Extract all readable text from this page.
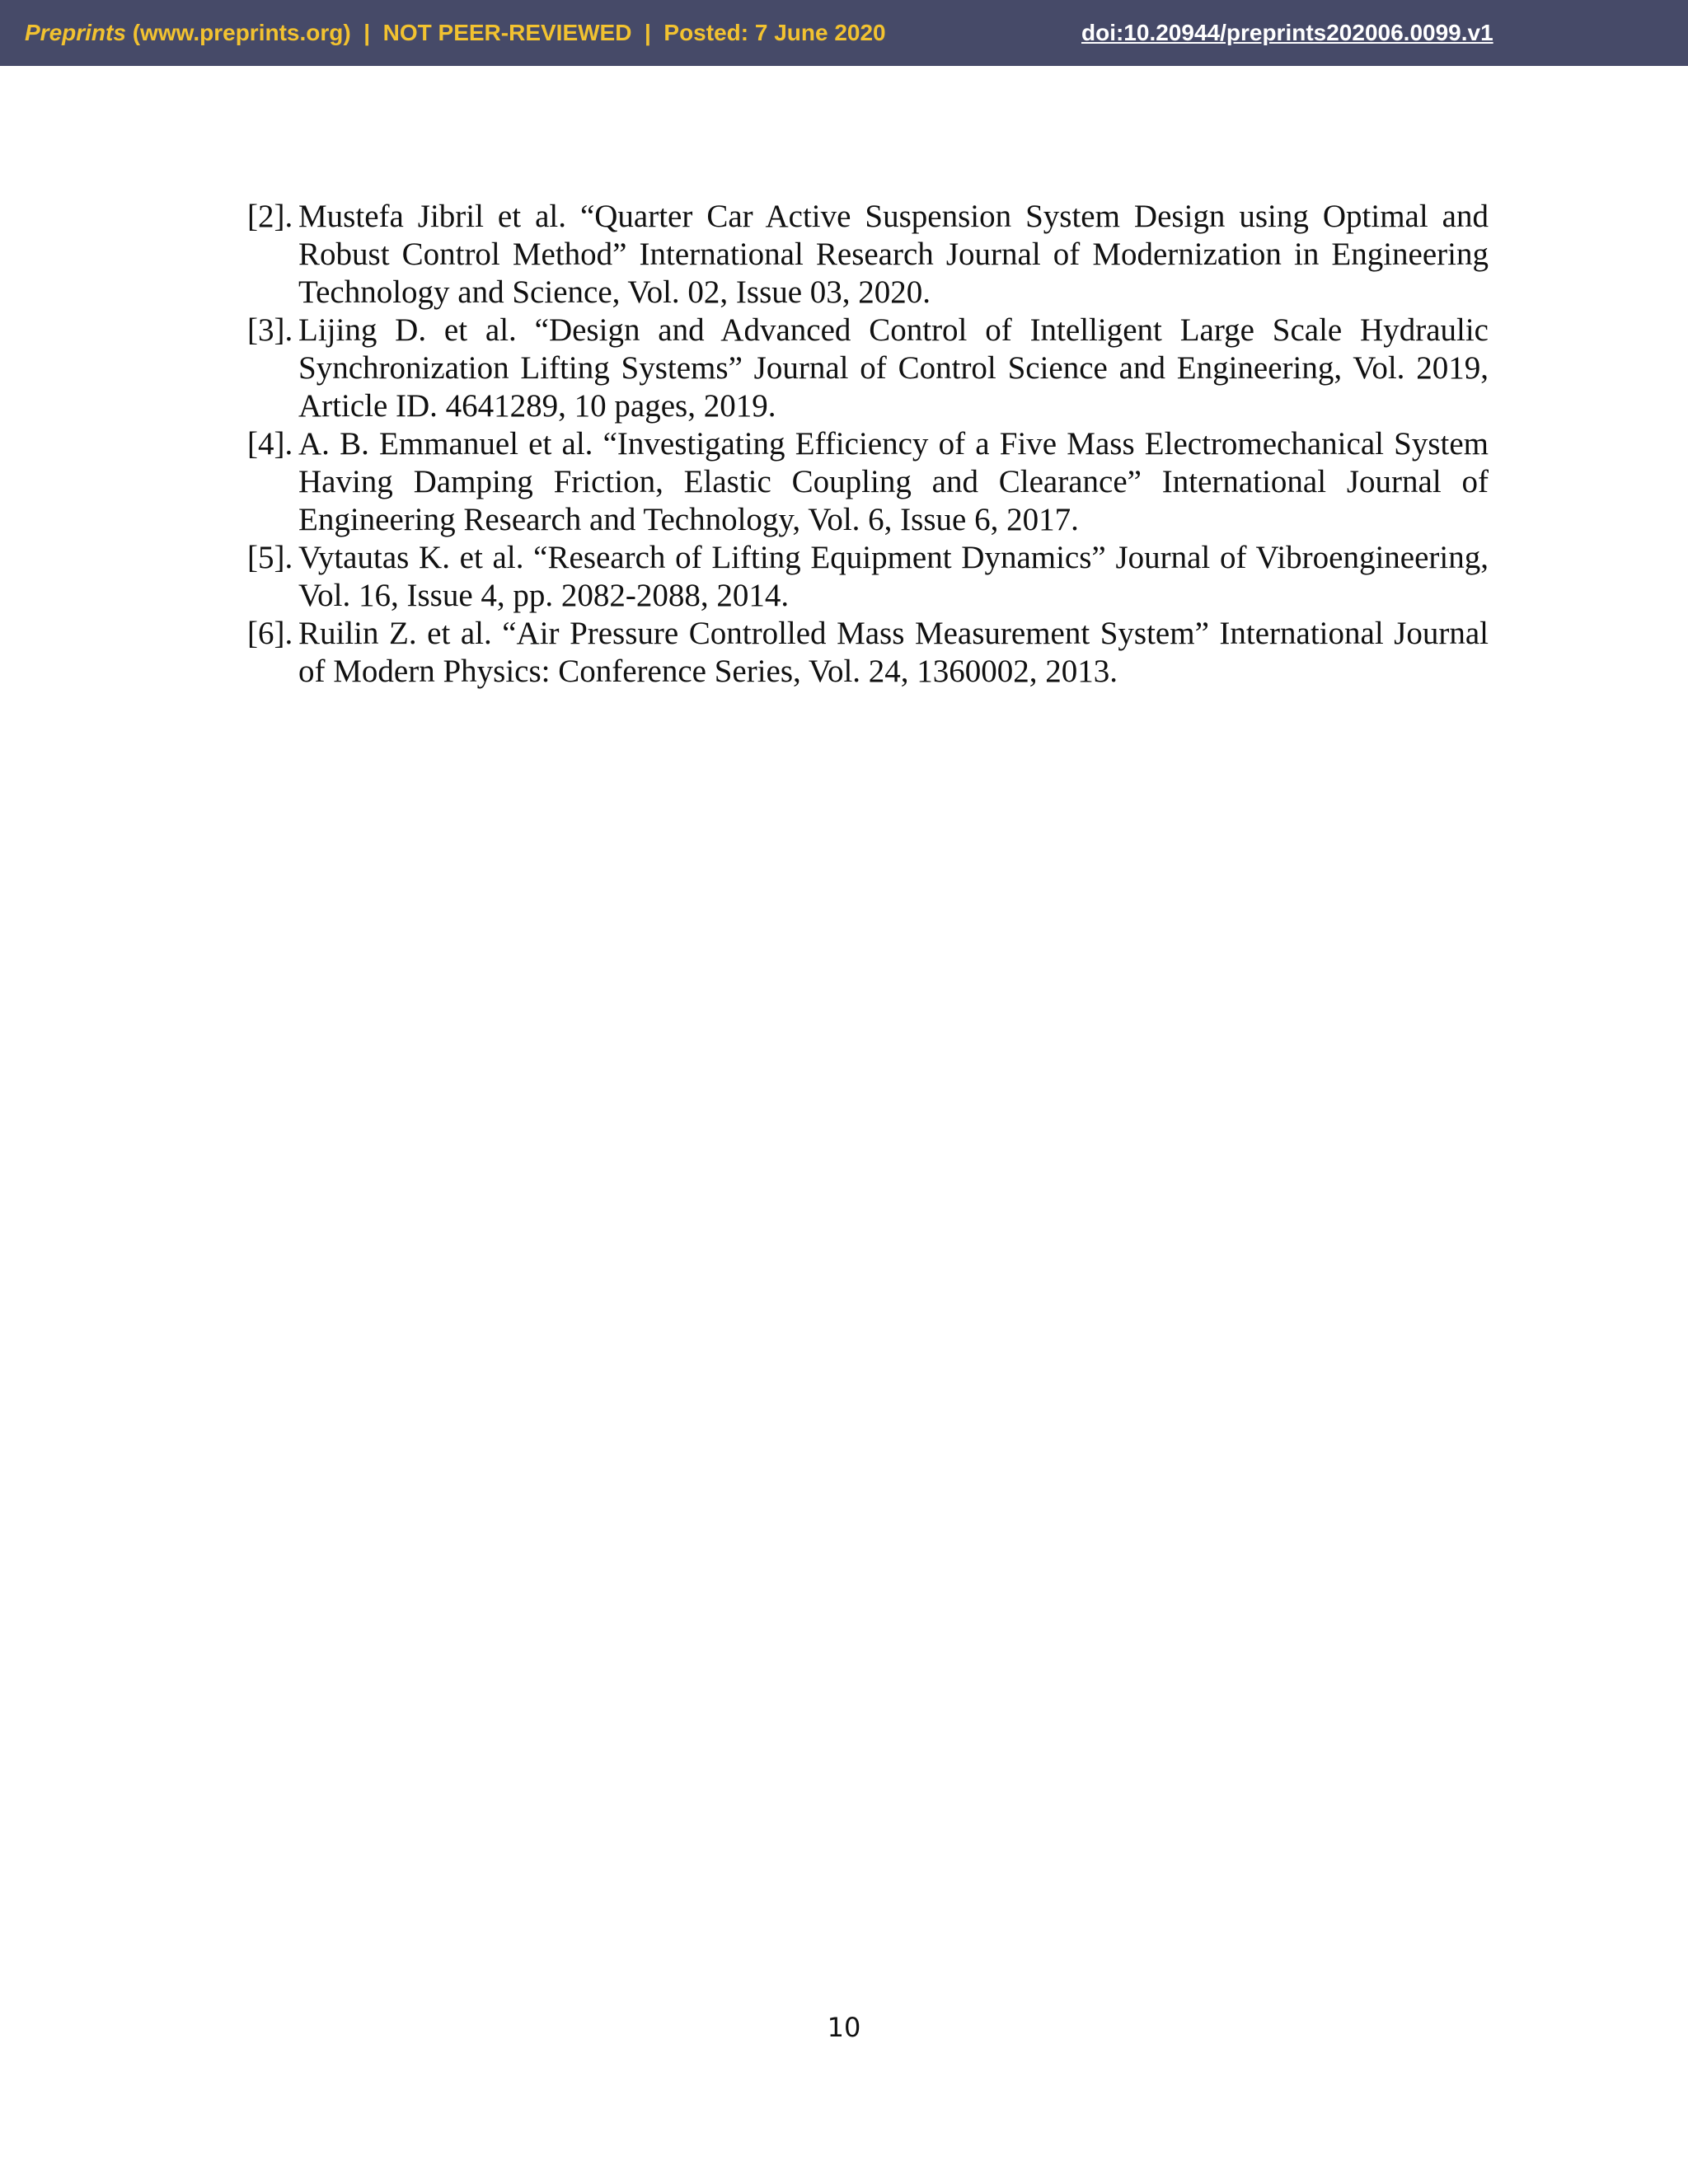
Preprints (www.preprints.org)  |  NOT PEER-REVIEWED  |  Posted: 7 June 2020	doi:10.20944/preprints202006.0099.v1
[2]. Mustefa Jibril et al. “Quarter Car Active Suspension System Design using Optimal and Robust Control Method” International Research Journal of Modernization in Engineering Technology and Science, Vol. 02, Issue 03, 2020.
[3]. Lijing D. et al. “Design and Advanced Control of Intelligent Large Scale Hydraulic Synchronization Lifting Systems” Journal of Control Science and Engineering, Vol. 2019, Article ID. 4641289, 10 pages, 2019.
[4]. A. B. Emmanuel et al. “Investigating Efficiency of a Five Mass Electromechanical System Having Damping Friction, Elastic Coupling and Clearance” International Journal of Engineering Research and Technology, Vol. 6, Issue 6, 2017.
[5]. Vytautas K. et al. “Research of Lifting Equipment Dynamics” Journal of Vibroengineering, Vol. 16, Issue 4, pp. 2082-2088, 2014.
[6]. Ruilin Z. et al. “Air Pressure Controlled Mass Measurement System” International Journal of Modern Physics: Conference Series, Vol. 24, 1360002, 2013.
10
